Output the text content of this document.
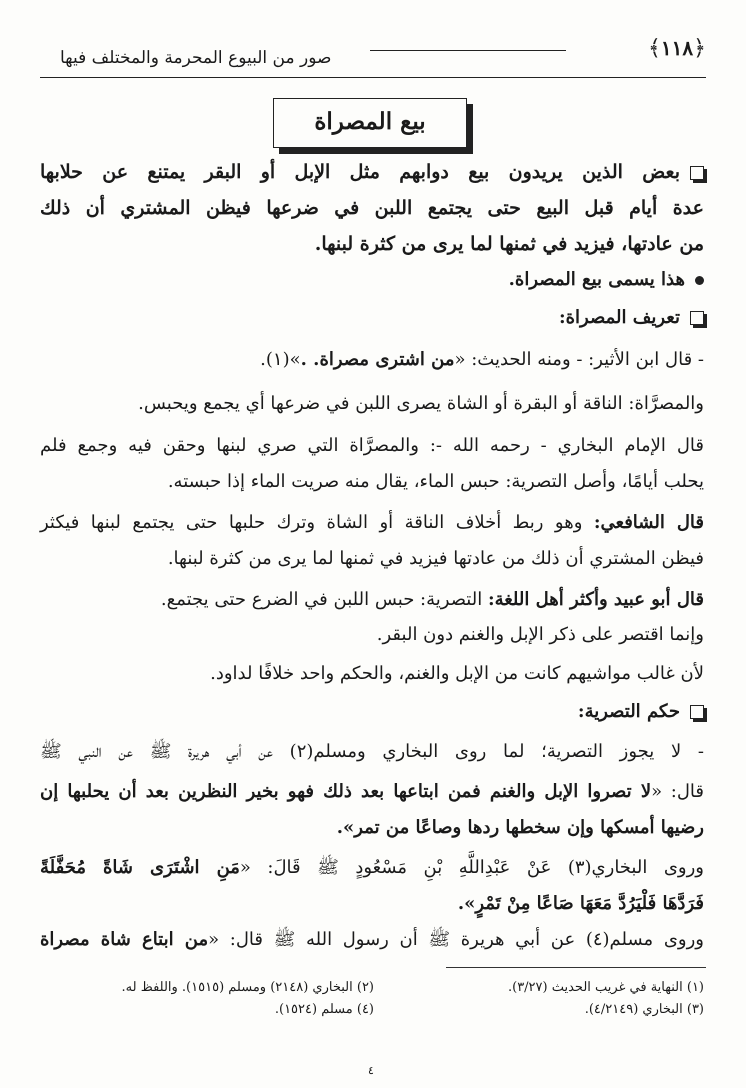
﴿١١٨﴾
صور من البيوع المحرمة والمختلف فيها
بيع المصراة
بعض الذين يريدون بيع دوابهم مثل الإبل أو البقر يمتنع عن حلابها
عدة أيام قبل البيع حتى يجتمع اللبن في ضرعها فيظن المشتري أن ذلك
من عادتها، فيزيد في ثمنها لما يرى من كثرة لبنها.
هذا يسمى بيع المصراة.
تعريف المصراة:
- قال ابن الأثير: - ومنه الحديث: «من اشترى مصراة. .»(١).
والمصرَّاة: الناقة أو البقرة أو الشاة يصرى اللبن في ضرعها أي يجمع ويحبس.
قال الإمام البخاري - رحمه الله -: والمصرَّاة التي صري لبنها وحقن فيه وجمع فلم
يحلب أيامًا، وأصل التصرية: حبس الماء، يقال منه صريت الماء إذا حبسته.
قال الشافعي: وهو ربط أخلاف الناقة أو الشاة وترك حلبها حتى يجتمع لبنها فيكثر
فيظن المشتري أن ذلك من عادتها فيزيد في ثمنها لما يرى من كثرة لبنها.
قال أبو عبيد وأكثر أهل اللغة: التصرية: حبس اللبن في الضرع حتى يجتمع.
وإنما اقتصر على ذكر الإبل والغنم دون البقر.
لأن غالب مواشيهم كانت من الإبل والغنم، والحكم واحد خلافًا لداود.
حكم التصرية:
- لا يجوز التصرية؛ لما روى البخاري ومسلم(٢) عن أبي هريرة ﷺ عن النبي ﷺ
قال: «لا تصروا الإبل والغنم فمن ابتاعها بعد ذلك فهو بخير النظرين بعد أن يحلبها إن
رضيها أمسكها وإن سخطها ردها وصاعًا من تمر».
وروى البخاري(٣) عَنْ عَبْدِاللَّهِ بْنِ مَسْعُودٍ ﷺ قَالَ: «مَنِ اشْتَرَى شَاةً مُحَفَّلَةً
فَرَدَّهَا فَلْيَرُدَّ مَعَهَا صَاعًا مِنْ تَمْرٍ».
وروى مسلم(٤) عن أبي هريرة ﷺ أن رسول الله ﷺ قال: «من ابتاع شاة مصراة
(١) النهاية في غريب الحديث (٣/٢٧).
(٢) البخاري (٢١٤٨) ومسلم (١٥١٥). واللفظ له.
(٣) البخاري (٤/٢١٤٩).
(٤) مسلم (١٥٢٤).
٤
